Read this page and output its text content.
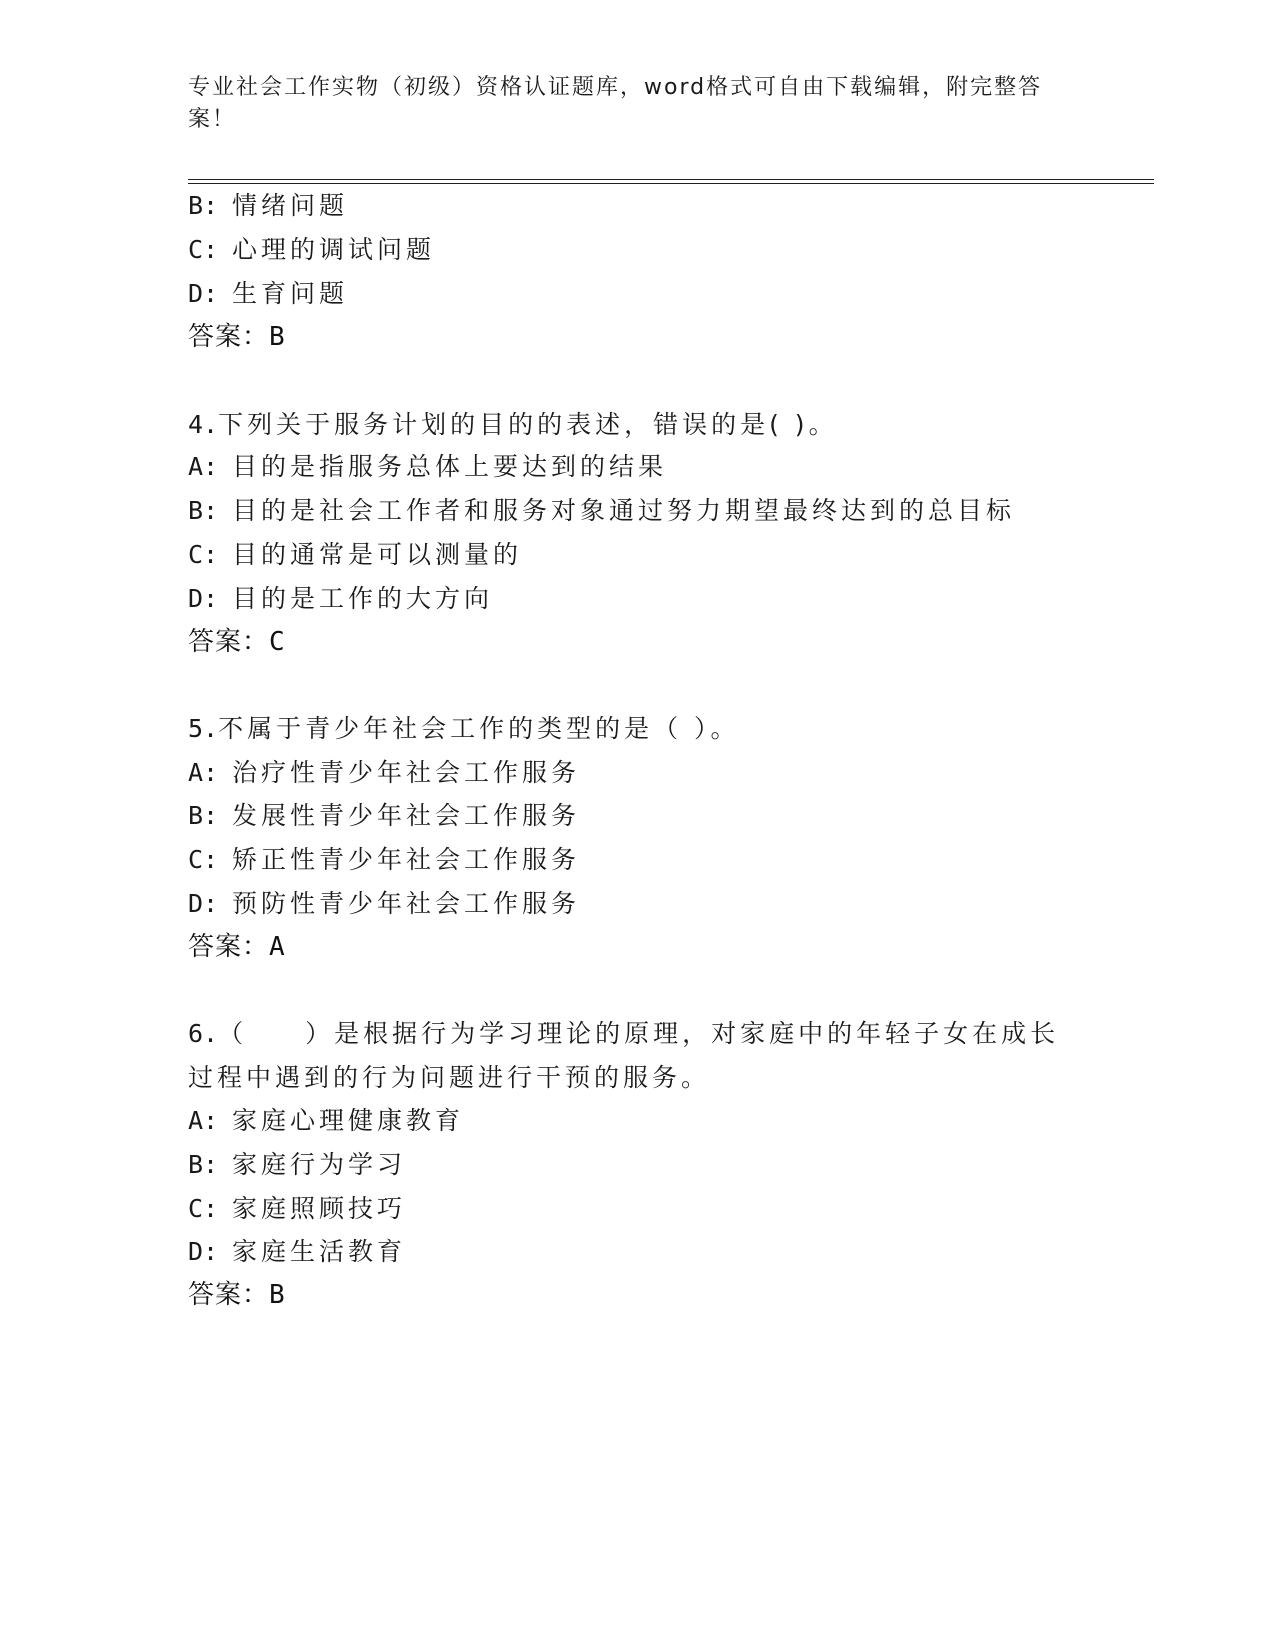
专业社会工作实物（初级）资格认证题库，word格式可自由下载编辑，附完整答
案！
B: 情绪问题
C: 心理的调试问题
D: 生育问题
答案：B
4.下列关于服务计划的目的的表述，错误的是( )。
A: 目的是指服务总体上要达到的结果
B: 目的是社会工作者和服务对象通过努力期望最终达到的总目标
C: 目的通常是可以测量的
D: 目的是工作的大方向
答案：C
5.不属于青少年社会工作的类型的是（ ）。
A: 治疗性青少年社会工作服务
B: 发展性青少年社会工作服务
C: 矫正性青少年社会工作服务
D: 预防性青少年社会工作服务
答案：A
6.（　　）是根据行为学习理论的原理，对家庭中的年轻子女在成长
过程中遇到的行为问题进行干预的服务。
A: 家庭心理健康教育
B: 家庭行为学习
C: 家庭照顾技巧
D: 家庭生活教育
答案：B
